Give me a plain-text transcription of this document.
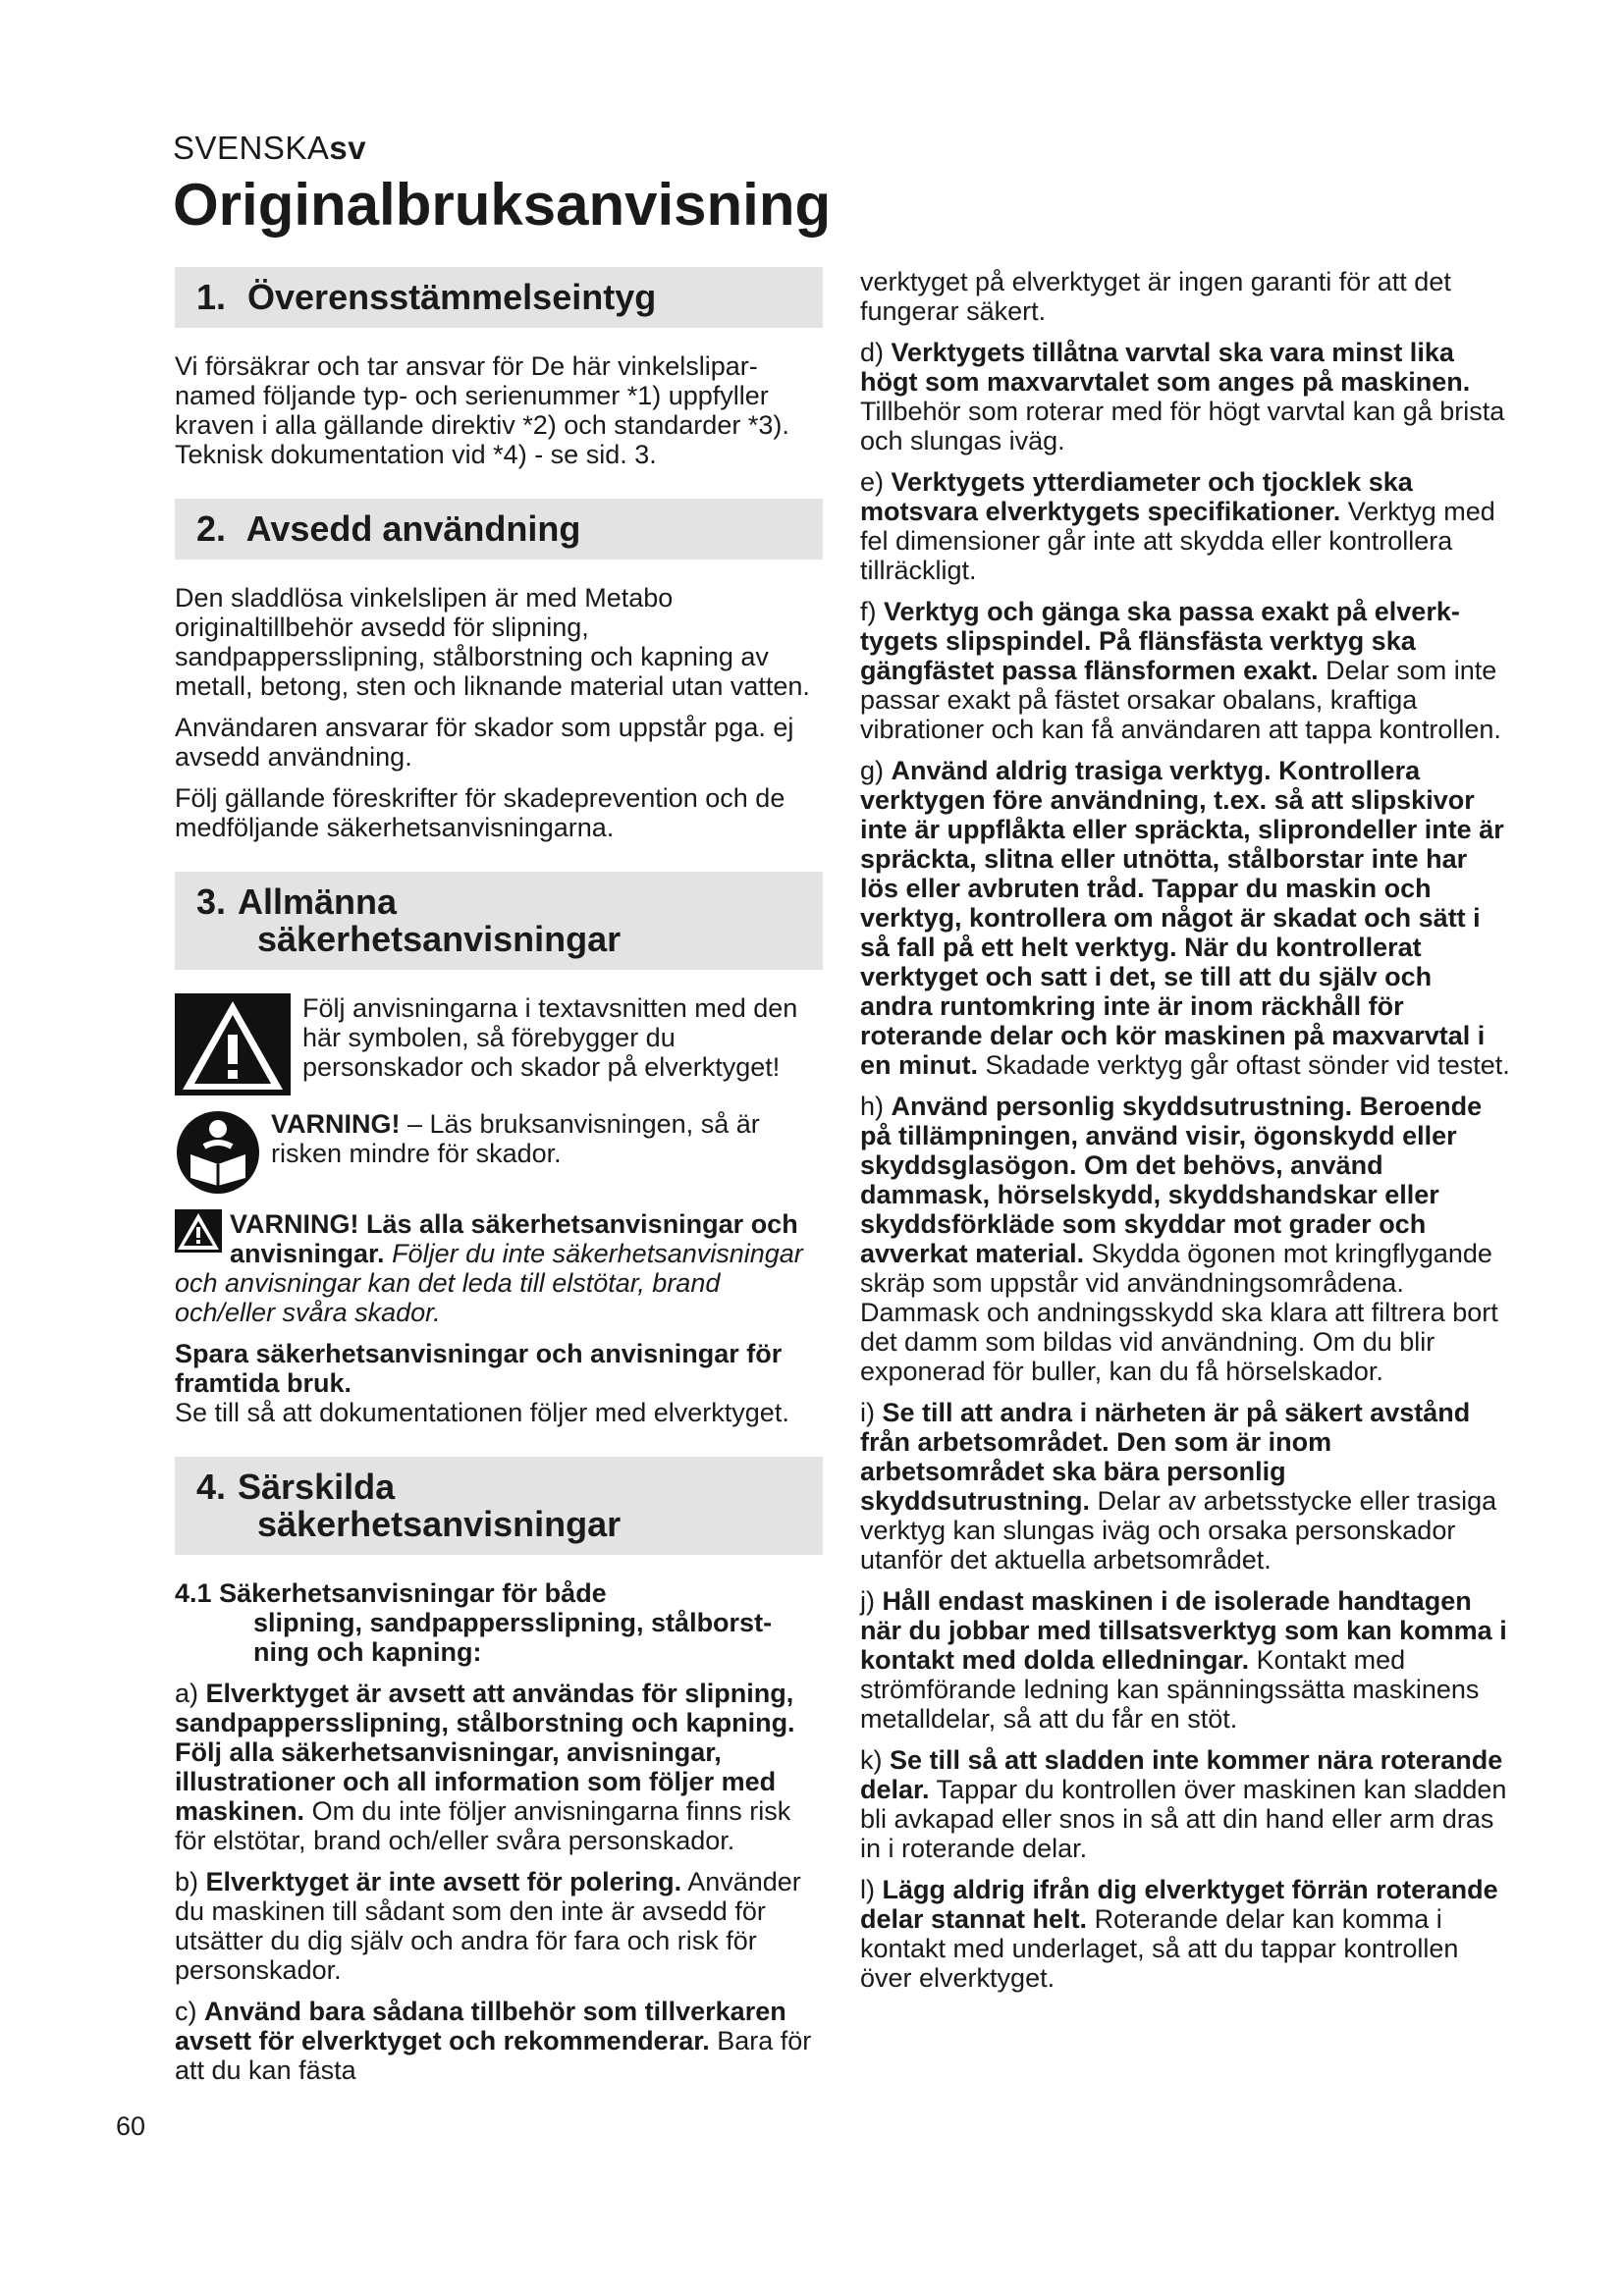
SVENSKAsv
Originalbruksanvisning
1. Överensstämmelseintyg

Vi försäkrar och tar ansvar för De här vinkelslipar-named följande typ- och serienummer *1) uppfyller kraven i alla gällande direktiv *2) och standarder *3). Teknisk dokumentation vid *4) - se sid. 3.

2. Avsedd användning

Den sladdlösa vinkelslipen är med Metabo originaltillbehör avsedd för slipning, sandpappersslipning, stålborstning och kapning av metall, betong, sten och liknande material utan vatten.

Användaren ansvarar för skador som uppstår pga. ej avsedd användning.

Följ gällande föreskrifter för skadeprevention och de medföljande säkerhetsanvisningarna.

3. Allmänna
säkerhetsanvisningar
Följ anvisningarna i textavsnitten med den här symbolen, så förebygger du personskador och skador på elverktyget!
VARNING! – Läs bruksanvisningen, så är risken mindre för skador.

VARNING! Läs alla säkerhetsanvisningar och anvisningar. Följer du inte säkerhetsanvisningar och anvisningar kan det leda till elstötar, brand och/eller svåra skador.

Spara säkerhetsanvisningar och anvisningar för framtida bruk.

Se till så att dokumentationen följer med elverktyget.

4. Särskilda
säkerhetsanvisningar
4.1 Säkerhetsanvisningar för både
slipning, sandpappersslipning, stålborst-ning och kapning:

a) Elverktyget är avsett att användas för slipning, sandpappersslipning, stålborstning och kapning. Följ alla säkerhetsanvisningar, anvisningar, illustrationer och all information som följer med maskinen. Om du inte följer anvisningarna finns risk för elstötar, brand och/eller svåra personskador.

b) Elverktyget är inte avsett för polering. Använder du maskinen till sådant som den inte är avsedd för utsätter du dig själv och andra för fara och risk för personskador.

c) Använd bara sådana tillbehör som tillverkaren avsett för elverktyget och rekommenderar. Bara för att du kan fästa

verktyget på elverktyget är ingen garanti för att det fungerar säkert.

d) Verktygets tillåtna varvtal ska vara minst lika högt som maxvarvtalet som anges på maskinen. Tillbehör som roterar med för högt varvtal kan gå brista och slungas iväg.

e) Verktygets ytterdiameter och tjocklek ska motsvara elverktygets specifikationer. Verktyg med fel dimensioner går inte att skydda eller kontrollera tillräckligt.

f) Verktyg och gänga ska passa exakt på elverk-tygets slipspindel. På flänsfästa verktyg ska gängfästet passa flänsformen exakt. Delar som inte passar exakt på fästet orsakar obalans, kraftiga vibrationer och kan få användaren att tappa kontrollen.

g) Använd aldrig trasiga verktyg. Kontrollera verktygen före användning, t.ex. så att slipskivor inte är uppflåkta eller spräckta, sliprondeller inte är spräckta, slitna eller utnötta, stålborstar inte har lös eller avbruten tråd. Tappar du maskin och verktyg, kontrollera om något är skadat och sätt i så fall på ett helt verktyg. När du kontrollerat verktyget och satt i det, se till att du själv och andra runtomkring inte är inom räckhåll för roterande delar och kör maskinen på maxvarvtal i en minut. Skadade verktyg går oftast sönder vid testet.

h) Använd personlig skyddsutrustning. Beroende på tillämpningen, använd visir, ögonskydd eller skyddsglasögon. Om det behövs, använd dammask, hörselskydd, skyddshandskar eller skyddsförkläde som skyddar mot grader och avverkat material. Skydda ögonen mot kringflygande skräp som uppstår vid användningsområdena. Dammask och andningsskydd ska klara att filtrera bort det damm som bildas vid användning. Om du blir exponerad för buller, kan du få hörselskador.

i) Se till att andra i närheten är på säkert avstånd från arbetsområdet. Den som är inom arbetsområdet ska bära personlig skyddsutrustning. Delar av arbetsstycke eller trasiga verktyg kan slungas iväg och orsaka personskador utanför det aktuella arbetsområdet.

j) Håll endast maskinen i de isolerade handtagen när du jobbar med tillsatsverktyg som kan komma i kontakt med dolda elledningar. Kontakt med strömförande ledning kan spänningssätta maskinens metalldelar, så att du får en stöt.

k) Se till så att sladden inte kommer nära roterande delar. Tappar du kontrollen över maskinen kan sladden bli avkapad eller snos in så att din hand eller arm dras in i roterande delar.

l) Lägg aldrig ifrån dig elverktyget förrän roterande delar stannat helt. Roterande delar kan komma i kontakt med underlaget, så att du tappar kontrollen över elverktyget.

60
